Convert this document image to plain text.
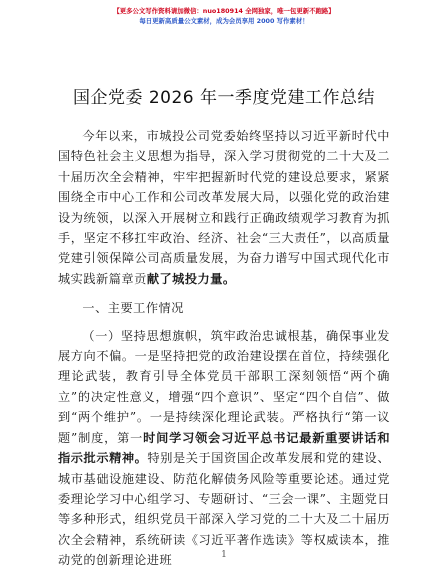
【更多公文写作资料请加微信：nuo180914 全网独家，唯一包更新不跑路】
每日更新高质量公文素材，成为会员享用 2000 写作素材！
国企党委 2026 年一季度党建工作总结

今年以来，市城投公司党委始终坚持以习近平新时代中国特色社会主义思想为指导，深入学习贯彻党的二十大及二十届历次全会精神，牢牢把握新时代党的建设总要求，紧紧围绕全市中心工作和公司改革发展大局，以强化党的政治建设为统领，以深入开展树立和践行正确政绩观学习教育为抓手，坚定不移扛牢政治、经济、社会“三大责任”，以高质量党建引领保障公司高质量发展，为奋力谱写中国式现代化市城实践新篇章贡献了城投力量。

一、主要工作情况

（一）坚持思想旗帜，筑牢政治忠诚根基，确保事业发展方向不偏。一是坚持把党的政治建设摆在首位，持续强化理论武装，教育引导全体党员干部职工深刻领悟“两个确立”的决定性意义，增强“四个意识”、坚定“四个自信”、做到“两个维护”。一是持续深化理论武装。严格执行“第一议题”制度，第一时间学习领会习近平总书记最新重要讲话和指示批示精神。特别是关于国资国企改革发展和党的建设、城市基础设施建设、防范化解债务风险等重要论述。通过党委理论学习中心组学习、专题研讨、“三会一课”、主题党日等多种形式，组织党员干部深入学习党的二十大及二十届历次全会精神，系统研读《习近平著作选读》等权威读本，推动党的创新理论进班	1
